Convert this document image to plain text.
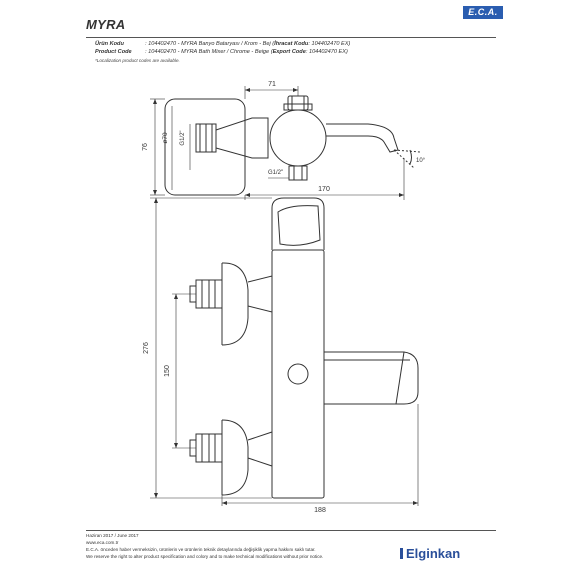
E.C.A.
MYRA
Ürün Kodu	: 104402470 - MYRA Banyo Bataryası / Krom - Bej (İhracat Kodu: 104402470 EX)
Product Code : 104402470 - MYRA Bath Mixer / Chrome - Beige (Export Code: 104402470 EX)
*Localization product codes are available.
71
76
ø70 G1/2"
G1/2"
170
10°
276
150
188
Haziran 2017 / June 2017
www.eca.com.tr
E.C.A. önceden haber vermeksizin, ürünlerin ve ürünlerin teknik detaylarında değişiklik yapma hakkını saklı tutar.
We reserve the right to alter product specification and colory and to make technical modifications without prior notice.	Elginkan
